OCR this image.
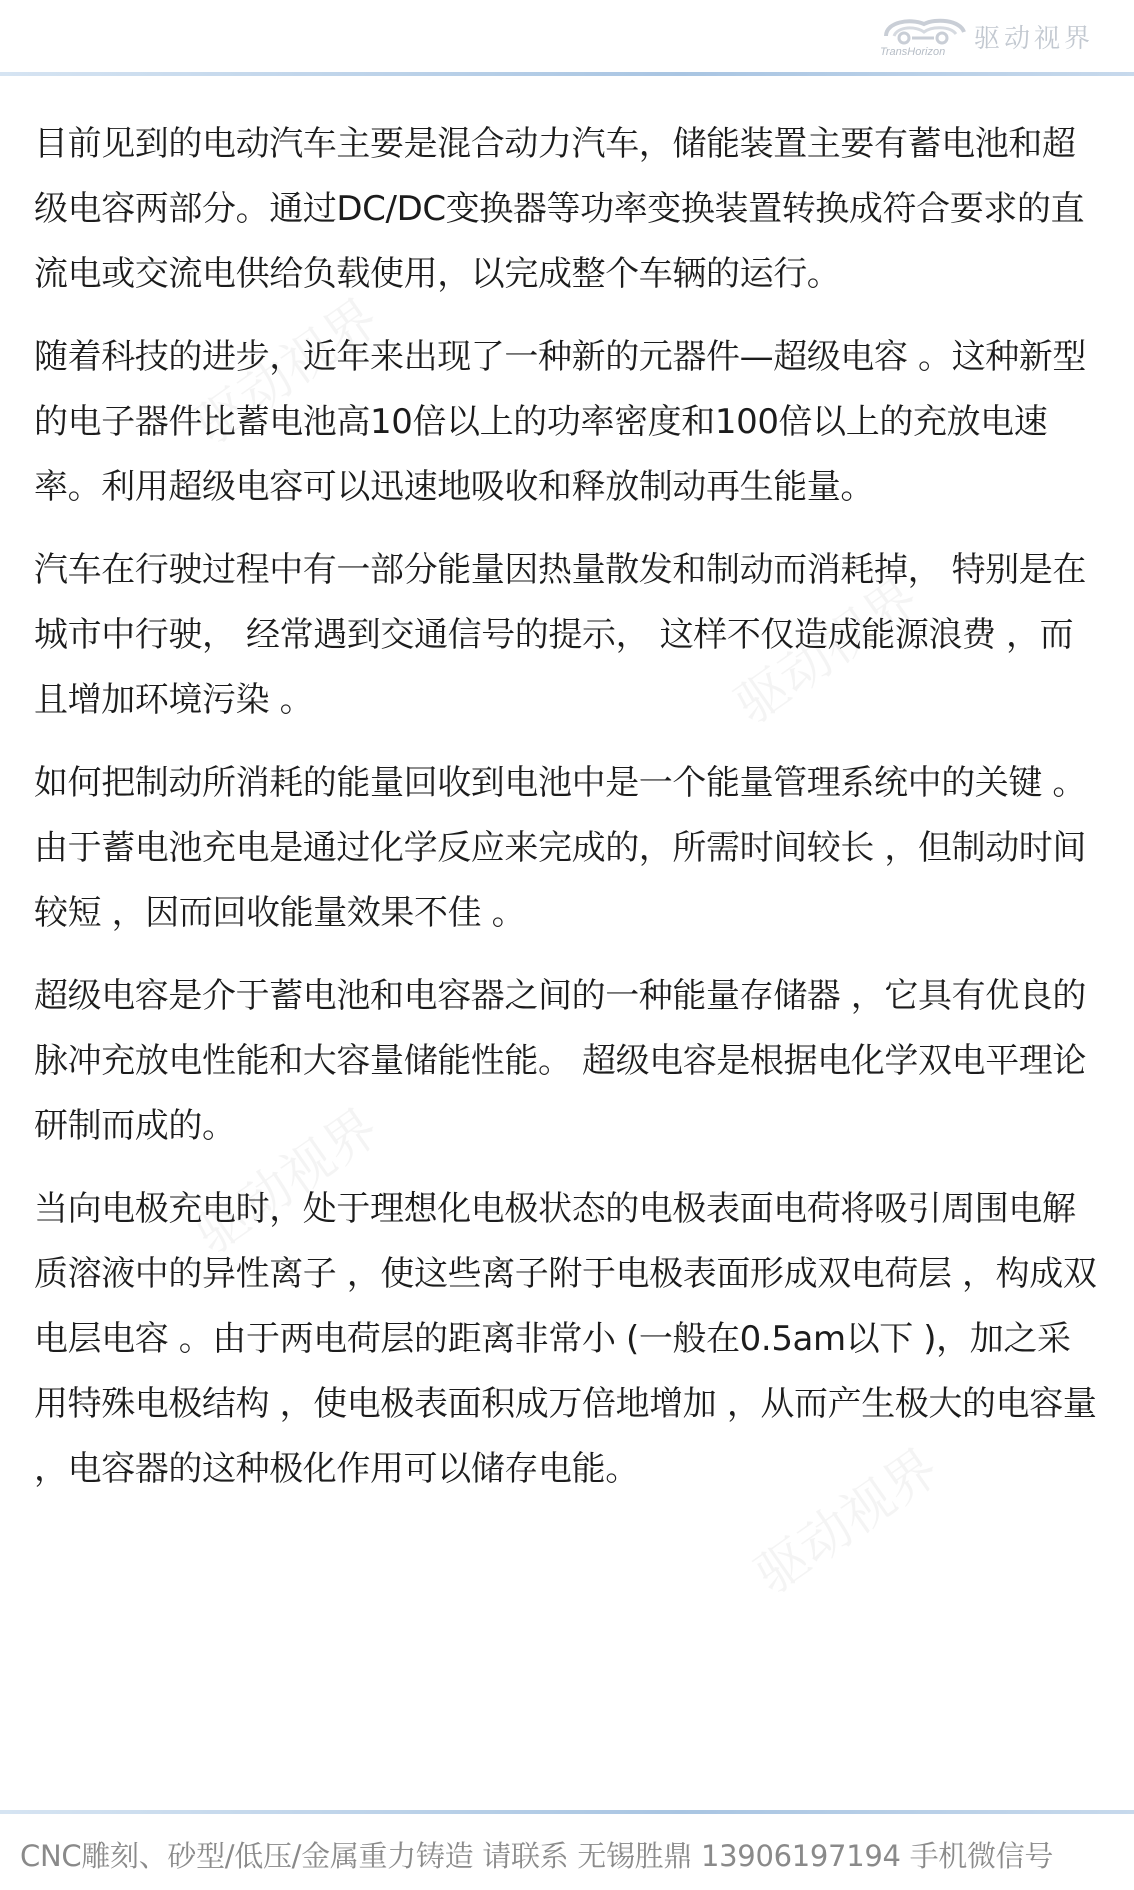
TransHorizon 驱动视界
驱动视界
驱动视界
驱动视界
驱动视界

目前见到的电动汽车主要是混合动力汽车，储能装置主要有蓄电池和超级电容两部分。通过DC/DC变换器等功率变换装置转换成符合要求的直流电或交流电供给负载使用，以完成整个车辆的运行。

随着科技的进步，近年来出现了一种新的元器件—超级电容 。这种新型的电子器件比蓄电池高10倍以上的功率密度和100倍以上的充放电速率。利用超级电容可以迅速地吸收和释放制动再生能量。

汽车在行驶过程中有一部分能量因热量散发和制动而消耗掉， 特别是在城市中行驶， 经常遇到交通信号的提示， 这样不仅造成能源浪费 ，而且增加环境污染 。

如何把制动所消耗的能量回收到电池中是一个能量管理系统中的关键 。由于蓄电池充电是通过化学反应来完成的，所需时间较长 ，但制动时间较短 ，因而回收能量效果不佳 。

超级电容是介于蓄电池和电容器之间的一种能量存储器 ，它具有优良的脉冲充放电性能和大容量储能性能。 超级电容是根据电化学双电平理论研制而成的。

当向电极充电时，处于理想化电极状态的电极表面电荷将吸引周围电解质溶液中的异性离子 ，使这些离子附于电极表面形成双电荷层 ，构成双电层电容 。由于两电荷层的距离非常小 (一般在0.5am以下 )，加之采用特殊电极结构 ，使电极表面积成万倍地增加 ，从而产生极大的电容量 ，电容器的这种极化作用可以储存电能。

CNC雕刻、砂型/低压/金属重力铸造 请联系 无锡胜鼎 13906197194 手机微信号
